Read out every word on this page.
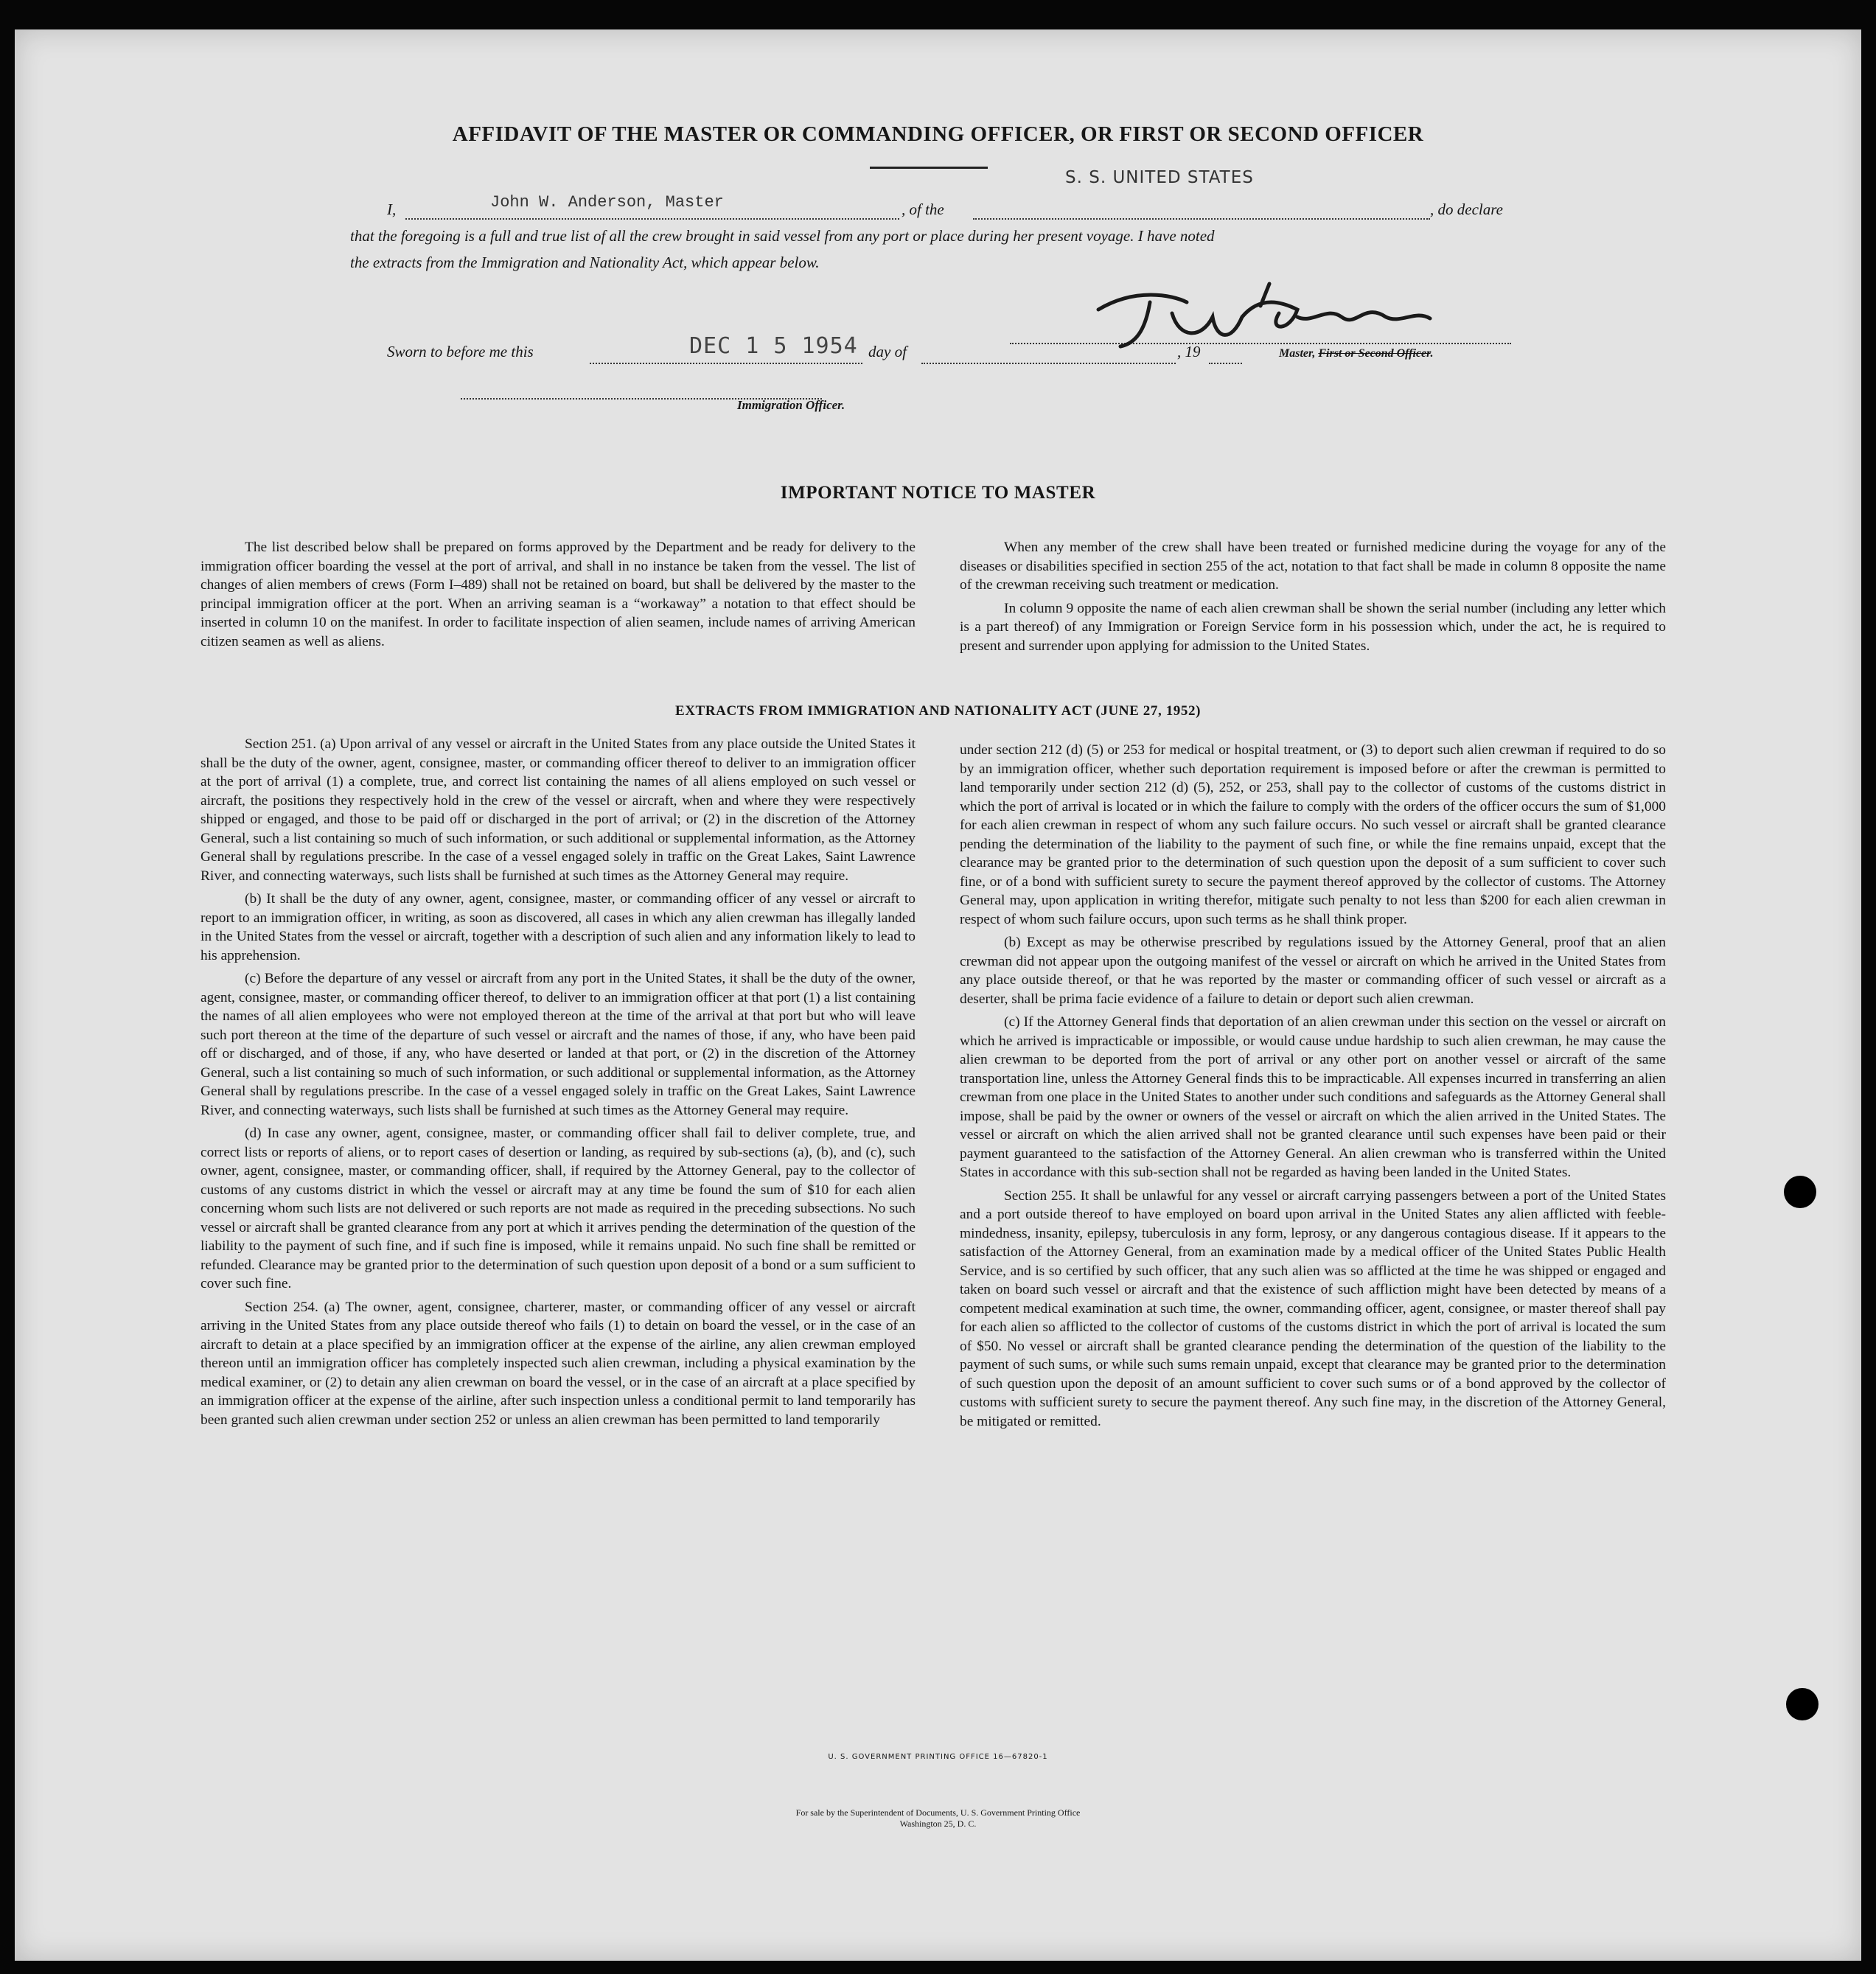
AFFIDAVIT OF THE MASTER OR COMMANDING OFFICER, OR FIRST OR SECOND OFFICER
S. S. UNITED STATES
I,	John W. Anderson, Master	, of the	, do declare
that the foregoing is a full and true list of all the crew brought in said vessel from any port or place during her present voyage. I have noted
the extracts from the Immigration and Nationality Act, which appear below.
Master, First or Second Officer.
Sworn to before me this	DEC 1 5 1954 day of	, 19
Immigration Officer.
IMPORTANT NOTICE TO MASTER

The list described below shall be prepared on forms approved by the Department and be ready for delivery to the immigration officer boarding the vessel at the port of arrival, and shall in no instance be taken from the vessel. The list of changes of alien members of crews (Form I–489) shall not be retained on board, but shall be delivered by the master to the principal immigration officer at the port. When an arriving seaman is a “workaway” a notation to that effect should be inserted in column 10 on the manifest. In order to facilitate inspection of alien seamen, include names of arriving American citizen seamen as well as aliens.

When any member of the crew shall have been treated or furnished medicine during the voyage for any of the diseases or disabilities specified in section 255 of the act, notation to that fact shall be made in column 8 opposite the name of the crewman receiving such treatment or medication.

In column 9 opposite the name of each alien crewman shall be shown the serial number (including any letter which is a part thereof) of any Immigration or Foreign Service form in his possession which, under the act, he is required to present and surrender upon applying for admission to the United States.

EXTRACTS FROM IMMIGRATION AND NATIONALITY ACT (JUNE 27, 1952)

Section 251. (a) Upon arrival of any vessel or aircraft in the United States from any place outside the United States it shall be the duty of the owner, agent, consignee, master, or commanding officer thereof to deliver to an immigration officer at the port of arrival (1) a complete, true, and correct list containing the names of all aliens employed on such vessel or aircraft, the positions they respectively hold in the crew of the vessel or aircraft, when and where they were respectively shipped or engaged, and those to be paid off or discharged in the port of arrival; or (2) in the discretion of the Attorney General, such a list containing so much of such information, or such additional or supplemental information, as the Attorney General shall by regulations prescribe. In the case of a vessel engaged solely in traffic on the Great Lakes, Saint Lawrence River, and connecting waterways, such lists shall be furnished at such times as the Attorney General may require.

(b) It shall be the duty of any owner, agent, consignee, master, or commanding officer of any vessel or aircraft to report to an immigration officer, in writing, as soon as discovered, all cases in which any alien crewman has illegally landed in the United States from the vessel or aircraft, together with a description of such alien and any information likely to lead to his apprehension.

(c) Before the departure of any vessel or aircraft from any port in the United States, it shall be the duty of the owner, agent, consignee, master, or commanding officer thereof, to deliver to an immigration officer at that port (1) a list containing the names of all alien employees who were not employed thereon at the time of the arrival at that port but who will leave such port thereon at the time of the departure of such vessel or aircraft and the names of those, if any, who have been paid off or discharged, and of those, if any, who have deserted or landed at that port, or (2) in the discretion of the Attorney General, such a list containing so much of such information, or such additional or supplemental information, as the Attorney General shall by regulations prescribe. In the case of a vessel engaged solely in traffic on the Great Lakes, Saint Lawrence River, and connecting waterways, such lists shall be furnished at such times as the Attorney General may require.

(d) In case any owner, agent, consignee, master, or commanding officer shall fail to deliver complete, true, and correct lists or reports of aliens, or to report cases of desertion or landing, as required by sub-sections (a), (b), and (c), such owner, agent, consignee, master, or commanding officer, shall, if required by the Attorney General, pay to the collector of customs of any customs district in which the vessel or aircraft may at any time be found the sum of $10 for each alien concerning whom such lists are not delivered or such reports are not made as required in the preceding subsections. No such vessel or aircraft shall be granted clearance from any port at which it arrives pending the determination of the question of the liability to the payment of such fine, and if such fine is imposed, while it remains unpaid. No such fine shall be remitted or refunded. Clearance may be granted prior to the determination of such question upon deposit of a bond or a sum sufficient to cover such fine.

Section 254. (a) The owner, agent, consignee, charterer, master, or commanding officer of any vessel or aircraft arriving in the United States from any place outside thereof who fails (1) to detain on board the vessel, or in the case of an aircraft to detain at a place specified by an immigration officer at the expense of the airline, any alien crewman employed thereon until an immigration officer has completely inspected such alien crewman, including a physical examination by the medical examiner, or (2) to detain any alien crewman on board the vessel, or in the case of an aircraft at a place specified by an immigration officer at the expense of the airline, after such inspection unless a conditional permit to land temporarily has been granted such alien crewman under section 252 or unless an alien crewman has been permitted to land temporarily

under section 212 (d) (5) or 253 for medical or hospital treatment, or (3) to deport such alien crewman if required to do so by an immigration officer, whether such deportation requirement is imposed before or after the crewman is permitted to land temporarily under section 212 (d) (5), 252, or 253, shall pay to the collector of customs of the customs district in which the port of arrival is located or in which the failure to comply with the orders of the officer occurs the sum of $1,000 for each alien crewman in respect of whom any such failure occurs. No such vessel or aircraft shall be granted clearance pending the determination of the liability to the payment of such fine, or while the fine remains unpaid, except that the clearance may be granted prior to the determination of such question upon the deposit of a sum sufficient to cover such fine, or of a bond with sufficient surety to secure the payment thereof approved by the collector of customs. The Attorney General may, upon application in writing therefor, mitigate such penalty to not less than $200 for each alien crewman in respect of whom such failure occurs, upon such terms as he shall think proper.

(b) Except as may be otherwise prescribed by regulations issued by the Attorney General, proof that an alien crewman did not appear upon the outgoing manifest of the vessel or aircraft on which he arrived in the United States from any place outside thereof, or that he was reported by the master or commanding officer of such vessel or aircraft as a deserter, shall be prima facie evidence of a failure to detain or deport such alien crewman.

(c) If the Attorney General finds that deportation of an alien crewman under this section on the vessel or aircraft on which he arrived is impracticable or impossible, or would cause undue hardship to such alien crewman, he may cause the alien crewman to be deported from the port of arrival or any other port on another vessel or aircraft of the same transportation line, unless the Attorney General finds this to be impracticable. All expenses incurred in transferring an alien crewman from one place in the United States to another under such conditions and safeguards as the Attorney General shall impose, shall be paid by the owner or owners of the vessel or aircraft on which the alien arrived in the United States. The vessel or aircraft on which the alien arrived shall not be granted clearance until such expenses have been paid or their payment guaranteed to the satisfaction of the Attorney General. An alien crewman who is transferred within the United States in accordance with this sub-section shall not be regarded as having been landed in the United States.

Section 255. It shall be unlawful for any vessel or aircraft carrying passengers between a port of the United States and a port outside thereof to have employed on board upon arrival in the United States any alien afflicted with feeble-mindedness, insanity, epilepsy, tuberculosis in any form, leprosy, or any dangerous contagious disease. If it appears to the satisfaction of the Attorney General, from an examination made by a medical officer of the United States Public Health Service, and is so certified by such officer, that any such alien was so afflicted at the time he was shipped or engaged and taken on board such vessel or aircraft and that the existence of such affliction might have been detected by means of a competent medical examination at such time, the owner, commanding officer, agent, consignee, or master thereof shall pay for each alien so afflicted to the collector of customs of the customs district in which the port of arrival is located the sum of $50. No vessel or aircraft shall be granted clearance pending the determination of the question of the liability to the payment of such sums, or while such sums remain unpaid, except that clearance may be granted prior to the determination of such question upon the deposit of an amount sufficient to cover such sums or of a bond approved by the collector of customs with sufficient surety to secure the payment thereof. Any such fine may, in the discretion of the Attorney General, be mitigated or remitted.

U. S. GOVERNMENT PRINTING OFFICE 16—67820-1
For sale by the Superintendent of Documents, U. S. Government Printing Office
Washington 25, D. C.
